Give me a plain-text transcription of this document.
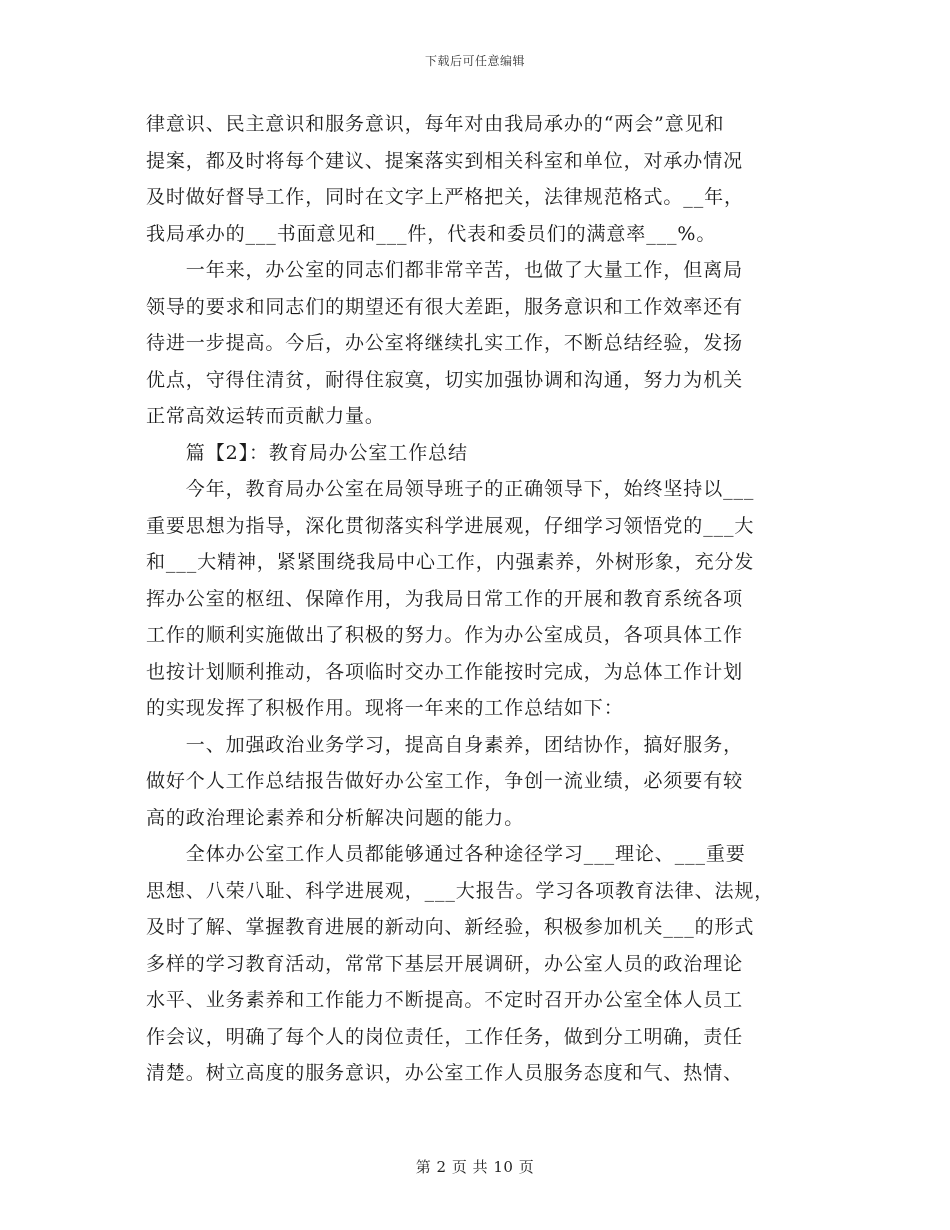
下载后可任意编辑
律意识、民主意识和服务意识，每年对由我局承办的“两会”意见和
提案，都及时将每个建议、提案落实到相关科室和单位，对承办情况
及时做好督导工作，同时在文字上严格把关，法律规范格式。__年，
我局承办的___书面意见和___件，代表和委员们的满意率___%。
　　一年来，办公室的同志们都非常辛苦，也做了大量工作，但离局
领导的要求和同志们的期望还有很大差距，服务意识和工作效率还有
待进一步提高。今后，办公室将继续扎实工作，不断总结经验，发扬
优点，守得住清贫，耐得住寂寞，切实加强协调和沟通，努力为机关
正常高效运转而贡献力量。
　　篇【2】：教育局办公室工作总结
　　今年，教育局办公室在局领导班子的正确领导下，始终坚持以___
重要思想为指导，深化贯彻落实科学进展观，仔细学习领悟党的___大
和___大精神，紧紧围绕我局中心工作，内强素养，外树形象，充分发
挥办公室的枢纽、保障作用，为我局日常工作的开展和教育系统各项
工作的顺利实施做出了积极的努力。作为办公室成员，各项具体工作
也按计划顺利推动，各项临时交办工作能按时完成，为总体工作计划
的实现发挥了积极作用。现将一年来的工作总结如下：
　　一、加强政治业务学习，提高自身素养，团结协作，搞好服务，
做好个人工作总结报告做好办公室工作，争创一流业绩，必须要有较
高的政治理论素养和分析解决问题的能力。
　　全体办公室工作人员都能够通过各种途径学习___理论、___重要
思想、八荣八耻、科学进展观，___大报告。学习各项教育法律、法规，
及时了解、掌握教育进展的新动向、新经验，积极参加机关___的形式
多样的学习教育活动，常常下基层开展调研，办公室人员的政治理论
水平、业务素养和工作能力不断提高。不定时召开办公室全体人员工
作会议，明确了每个人的岗位责任，工作任务，做到分工明确，责任
清楚。树立高度的服务意识，办公室工作人员服务态度和气、热情、
第 2 页 共 10 页
